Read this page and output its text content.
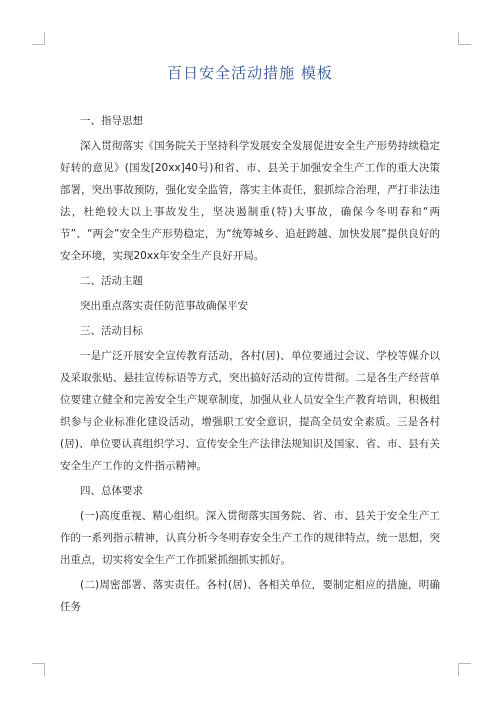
百日安全活动措施 模板

一、指导思想

深入贯彻落实《国务院关于坚持科学发展安全发展促进安全生产形势持续稳定好转的意见》(国发[20xx]40号)和省、市、县关于加强安全生产工作的重大决策部署，突出事故预防，强化安全监管，落实主体责任，狠抓综合治理，严打非法违法，杜绝较大以上事故发生，坚决遏制重(特)大事故，确保今冬明春和“两节”、“两会”安全生产形势稳定，为“统筹城乡、追赶跨越、加快发展”提供良好的安全环境，实现20xx年安全生产良好开局。

二、活动主题

突出重点落实责任防范事故确保平安

三、活动目标

一是广泛开展安全宣传教育活动，各村(居)、单位要通过会议、学校等媒介以及采取张贴、悬挂宣传标语等方式，突出搞好活动的宣传贯彻。二是各生产经营单位要建立健全和完善安全生产规章制度，加强从业人员安全生产教育培训，积极组织参与企业标准化建设活动，增强职工安全意识，提高全员安全素质。三是各村(居)、单位要认真组织学习、宣传安全生产法律法规知识及国家、省、市、县有关安全生产工作的文件指示精神。

四、总体要求

(一)高度重视、精心组织。深入贯彻落实国务院、省、市、县关于安全生产工作的一系列指示精神，认真分析今冬明春安全生产工作的规律特点，统一思想，突出重点，切实将安全生产工作抓紧抓细抓实抓好。

(二)周密部署、落实责任。各村(居)、各相关单位，要制定相应的措施，明确任务
